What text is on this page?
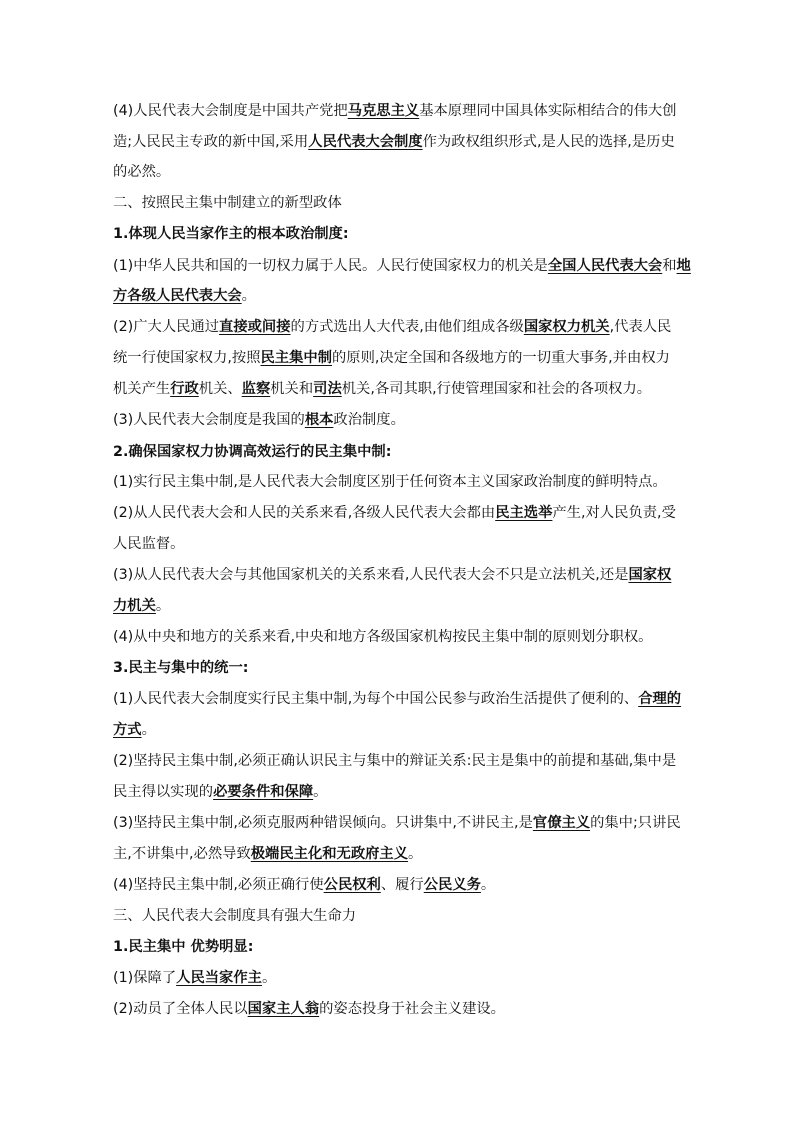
(4)人民代表大会制度是中国共产党把马克思主义基本原理同中国具体实际相结合的伟大创

造;人民民主专政的新中国,采用人民代表大会制度作为政权组织形式,是人民的选择,是历史

的必然。

二、按照民主集中制建立的新型政体

1.体现人民当家作主的根本政治制度:

(1)中华人民共和国的一切权力属于人民。人民行使国家权力的机关是全国人民代表大会和地

方各级人民代表大会。

(2)广大人民通过直接或间接的方式选出人大代表,由他们组成各级国家权力机关,代表人民

统一行使国家权力,按照民主集中制的原则,决定全国和各级地方的一切重大事务,并由权力

机关产生行政机关、监察机关和司法机关,各司其职,行使管理国家和社会的各项权力。

(3)人民代表大会制度是我国的根本政治制度。

2.确保国家权力协调高效运行的民主集中制:

(1)实行民主集中制,是人民代表大会制度区别于任何资本主义国家政治制度的鲜明特点。

(2)从人民代表大会和人民的关系来看,各级人民代表大会都由民主选举产生,对人民负责,受

人民监督。

(3)从人民代表大会与其他国家机关的关系来看,人民代表大会不只是立法机关,还是国家权

力机关。

(4)从中央和地方的关系来看,中央和地方各级国家机构按民主集中制的原则划分职权。

3.民主与集中的统一:

(1)人民代表大会制度实行民主集中制,为每个中国公民参与政治生活提供了便利的、合理的

方式。

(2)坚持民主集中制,必须正确认识民主与集中的辩证关系:民主是集中的前提和基础,集中是

民主得以实现的必要条件和保障。

(3)坚持民主集中制,必须克服两种错误倾向。只讲集中,不讲民主,是官僚主义的集中;只讲民

主,不讲集中,必然导致极端民主化和无政府主义。

(4)坚持民主集中制,必须正确行使公民权利、履行公民义务。

三、人民代表大会制度具有强大生命力

1.民主集中 优势明显:

(1)保障了人民当家作主。

(2)动员了全体人民以国家主人翁的姿态投身于社会主义建设。
